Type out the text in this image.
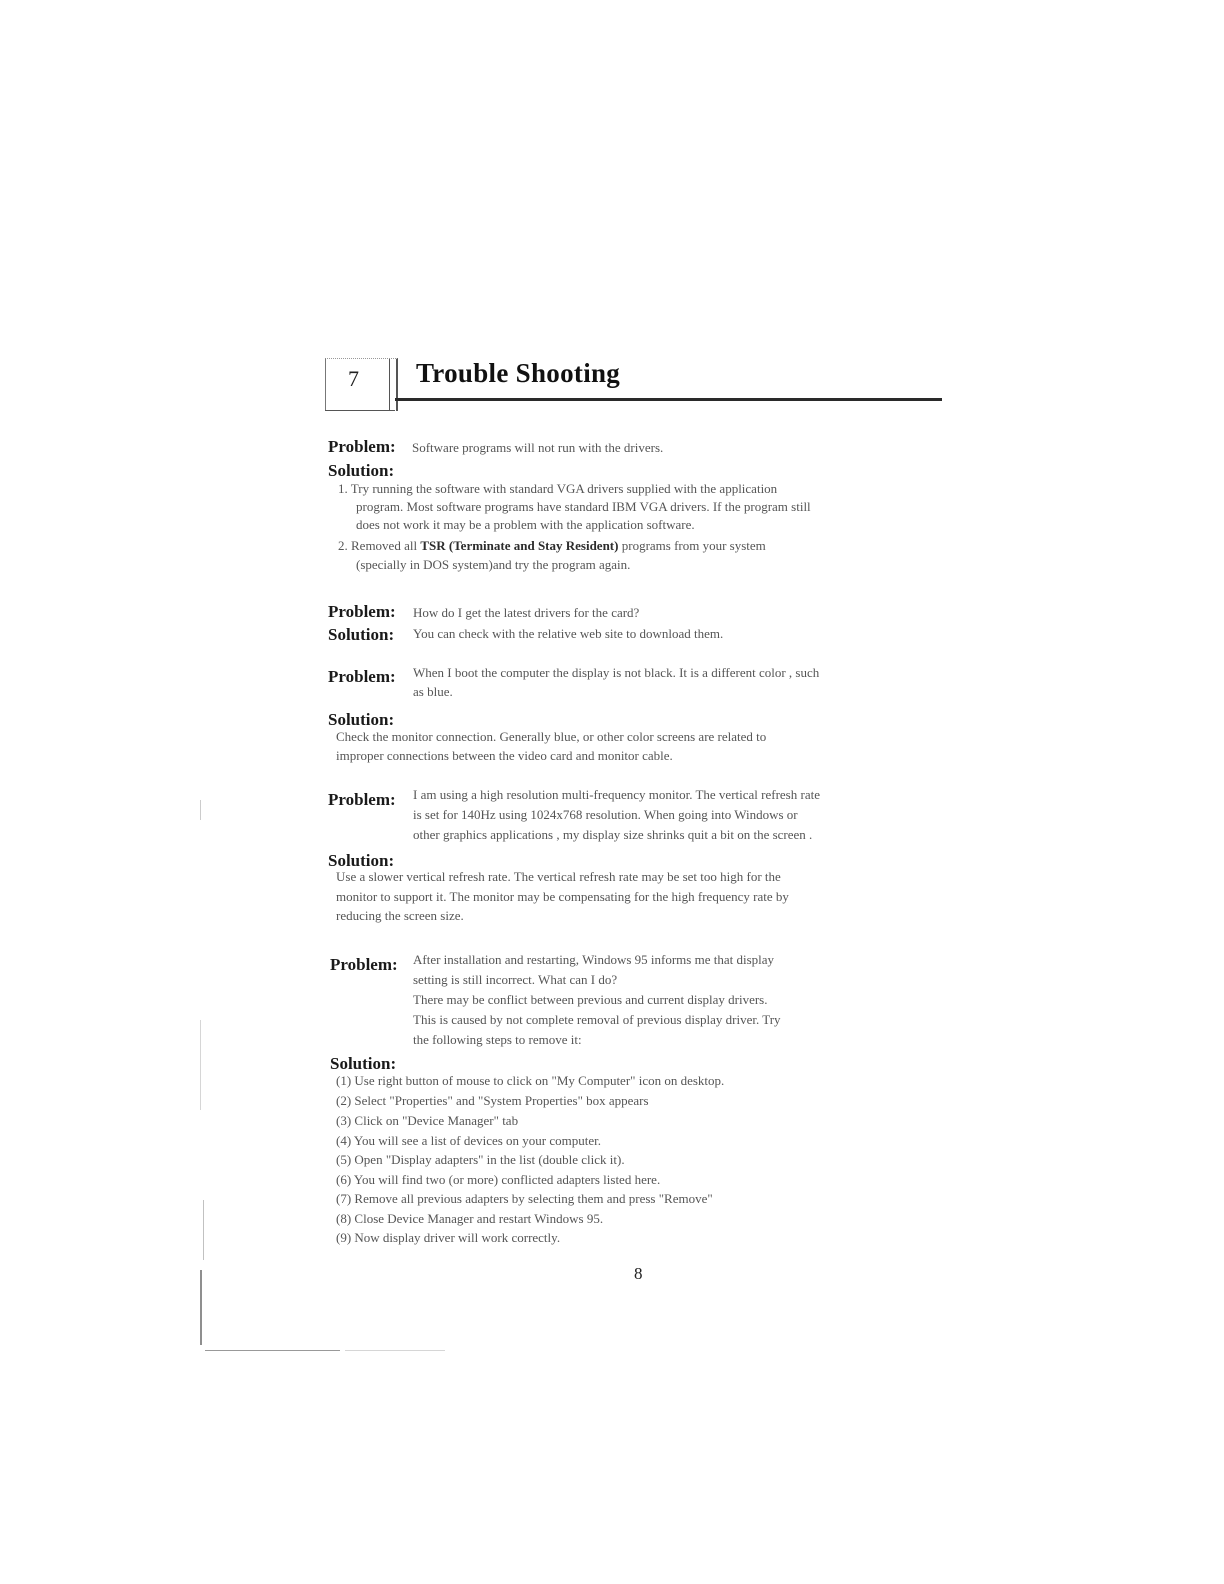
7 Trouble Shooting
Problem: Software programs will not run with the drivers.
Solution:
1. Try running the software with standard VGA drivers supplied with the application
program. Most software programs have standard IBM VGA drivers. If the program still
does not work it may be a problem with the application software.
2. Removed all TSR (Terminate and Stay Resident) programs from your system
(specially in DOS system)and try the program again.
Problem: How do I get the latest drivers for the card?
Solution: You can check with the relative web site to download them.
Problem: When I boot the computer the display is not black. It is a different color , such
as blue.
Solution:
Check the monitor connection. Generally blue, or other color screens are related to
improper connections between the video card and monitor cable.
Problem: I am using a high resolution multi-frequency monitor. The vertical refresh rate
is set for 140Hz using 1024x768 resolution. When going into Windows or
other graphics applications , my display size shrinks quit a bit on the screen .
Solution:
Use a slower vertical refresh rate. The vertical refresh rate may be set too high for the
monitor to support it. The monitor may be compensating for the high frequency rate by
reducing the screen size.
Problem: After installation and restarting, Windows 95 informs me that display
setting is still incorrect. What can I do?
There may be conflict between previous and current display drivers.
This is caused by not complete removal of previous display driver. Try
the following steps to remove it:
Solution:
(1) Use right button of mouse to click on "My Computer" icon on desktop.
(2) Select "Properties" and "System Properties" box appears
(3) Click on "Device Manager" tab
(4) You will see a list of devices on your computer.
(5) Open "Display adapters" in the list (double click it).
(6) You will find two (or more) conflicted adapters listed here.
(7) Remove all previous adapters by selecting them and press "Remove"
(8) Close Device Manager and restart Windows 95.
(9) Now display driver will work correctly.
8
